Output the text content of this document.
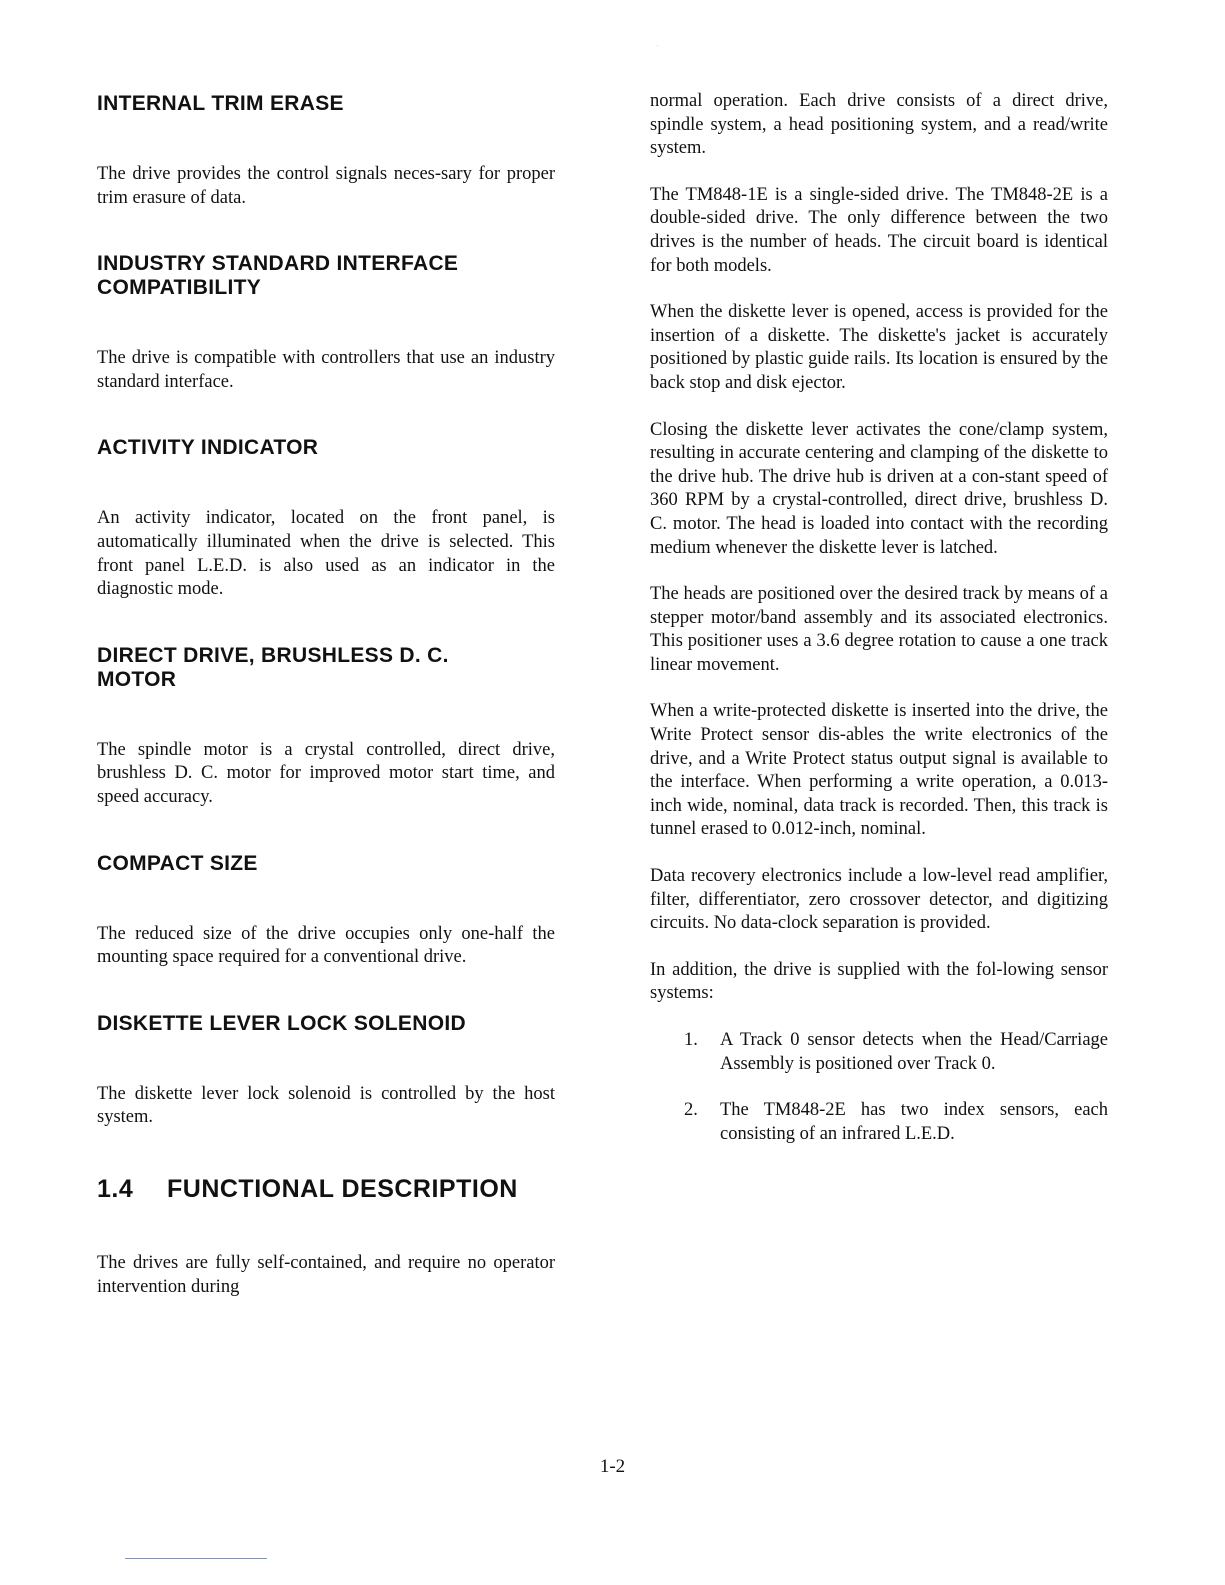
INTERNAL TRIM ERASE

The drive provides the control signals neces-sary for proper trim erasure of data.

INDUSTRY STANDARD INTERFACE
COMPATIBILITY

The drive is compatible with controllers that use an industry standard interface.

ACTIVITY INDICATOR

An activity indicator, located on the front panel, is automatically illuminated when the drive is selected. This front panel L.E.D. is also used as an indicator in the diagnostic mode.

DIRECT DRIVE, BRUSHLESS D. C.
MOTOR

The spindle motor is a crystal controlled, direct drive, brushless D. C. motor for improved motor start time, and speed accuracy.

COMPACT SIZE

The reduced size of the drive occupies only one-half the mounting space required for a conventional drive.

DISKETTE LEVER LOCK SOLENOID

The diskette lever lock solenoid is controlled by the host system.

1.4 FUNCTIONAL DESCRIPTION

The drives are fully self-contained, and require no operator intervention during

normal operation. Each drive consists of a direct drive, spindle system, a head positioning system, and a read/write system.

The TM848-1E is a single-sided drive. The TM848-2E is a double-sided drive. The only difference between the two drives is the number of heads. The circuit board is identical for both models.

When the diskette lever is opened, access is provided for the insertion of a diskette. The diskette's jacket is accurately positioned by plastic guide rails. Its location is ensured by the back stop and disk ejector.

Closing the diskette lever activates the cone/clamp system, resulting in accurate centering and clamping of the diskette to the drive hub. The drive hub is driven at a con-stant speed of 360 RPM by a crystal-controlled, direct drive, brushless D. C. motor. The head is loaded into contact with the recording medium whenever the diskette lever is latched.

The heads are positioned over the desired track by means of a stepper motor/band assembly and its associated electronics. This positioner uses a 3.6 degree rotation to cause a one track linear movement.

When a write-protected diskette is inserted into the drive, the Write Protect sensor dis-ables the write electronics of the drive, and a Write Protect status output signal is available to the interface. When performing a write operation, a 0.013-inch wide, nominal, data track is recorded. Then, this track is tunnel erased to 0.012-inch, nominal.

Data recovery electronics include a low-level read amplifier, filter, differentiator, zero crossover detector, and digitizing circuits. No data-clock separation is provided.

In addition, the drive is supplied with the fol-lowing sensor systems:

1. A Track 0 sensor detects when the Head/Carriage Assembly is positioned over Track 0.
2. The TM848-2E has two index sensors, each consisting of an infrared L.E.D.
1-2
